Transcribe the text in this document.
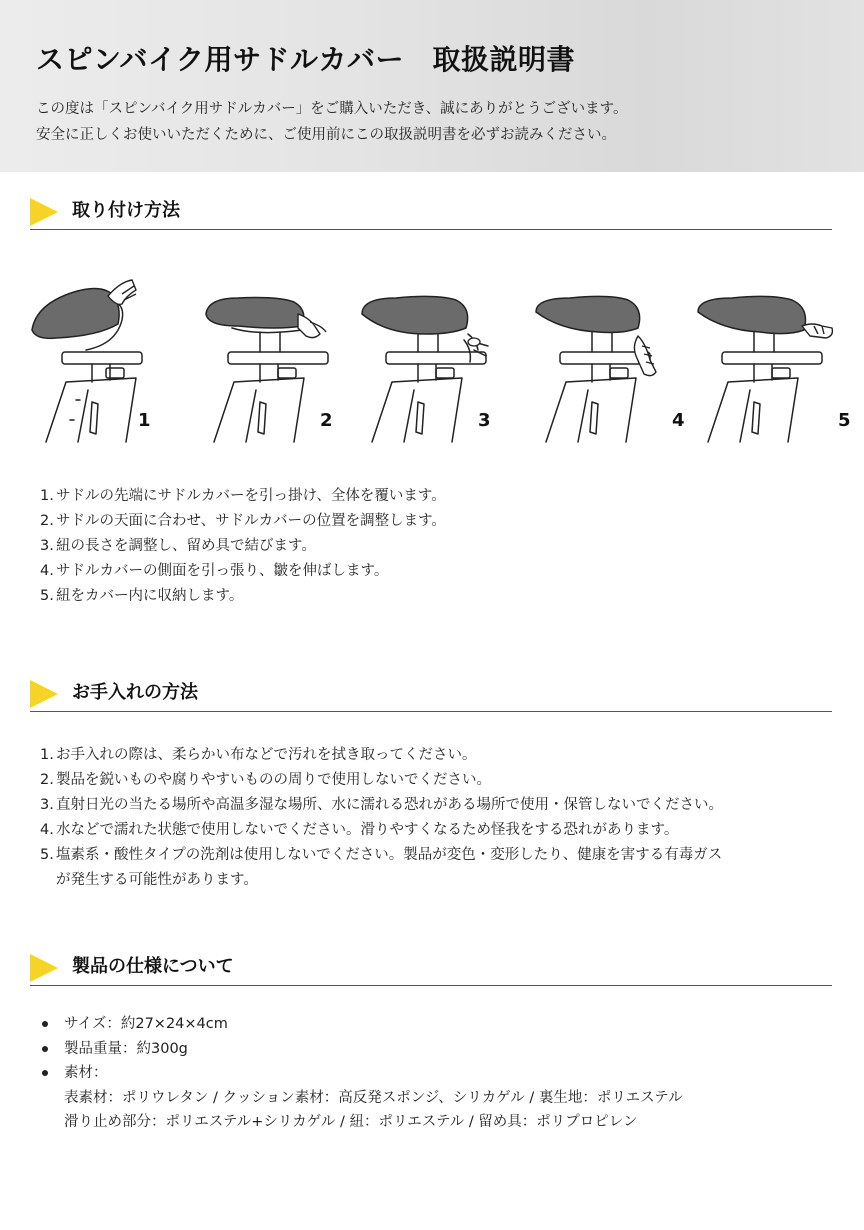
スピンバイク用サドルカバー　取扱説明書
この度は「スピンバイク用サドルカバー」をご購入いただき、誠にありがとうございます。
安全に正しくお使いいただくために、ご使用前にこの取扱説明書を必ずお読みください。
取り付け方法
1	2	3	4	5
1. サドルの先端にサドルカバーを引っ掛け、全体を覆います。
2. サドルの天面に合わせ、サドルカバーの位置を調整します。
3. 紐の長さを調整し、留め具で結びます。
4. サドルカバーの側面を引っ張り、皺を伸ばします。
5. 紐をカバー内に収納します。
お手入れの方法
1. お手入れの際は、柔らかい布などで汚れを拭き取ってください。
2. 製品を鋭いものや腐りやすいものの周りで使用しないでください。
3. 直射日光の当たる場所や高温多湿な場所、水に濡れる恐れがある場所で使用・保管しないでください。
4. 水などで濡れた状態で使用しないでください。滑りやすくなるため怪我をする恐れがあります。
5. 塩素系・酸性タイプの洗剤は使用しないでください。製品が変色・変形したり、健康を害する有毒ガス
が発生する可能性があります。
製品の仕様について
サイズ：約27×24×4cm
製品重量：約300g
素材：
表素材：ポリウレタン / クッション素材：高反発スポンジ、シリカゲル / 裏生地：ポリエステル
滑り止め部分：ポリエステル+シリカゲル / 紐：ポリエステル / 留め具：ポリプロピレン
